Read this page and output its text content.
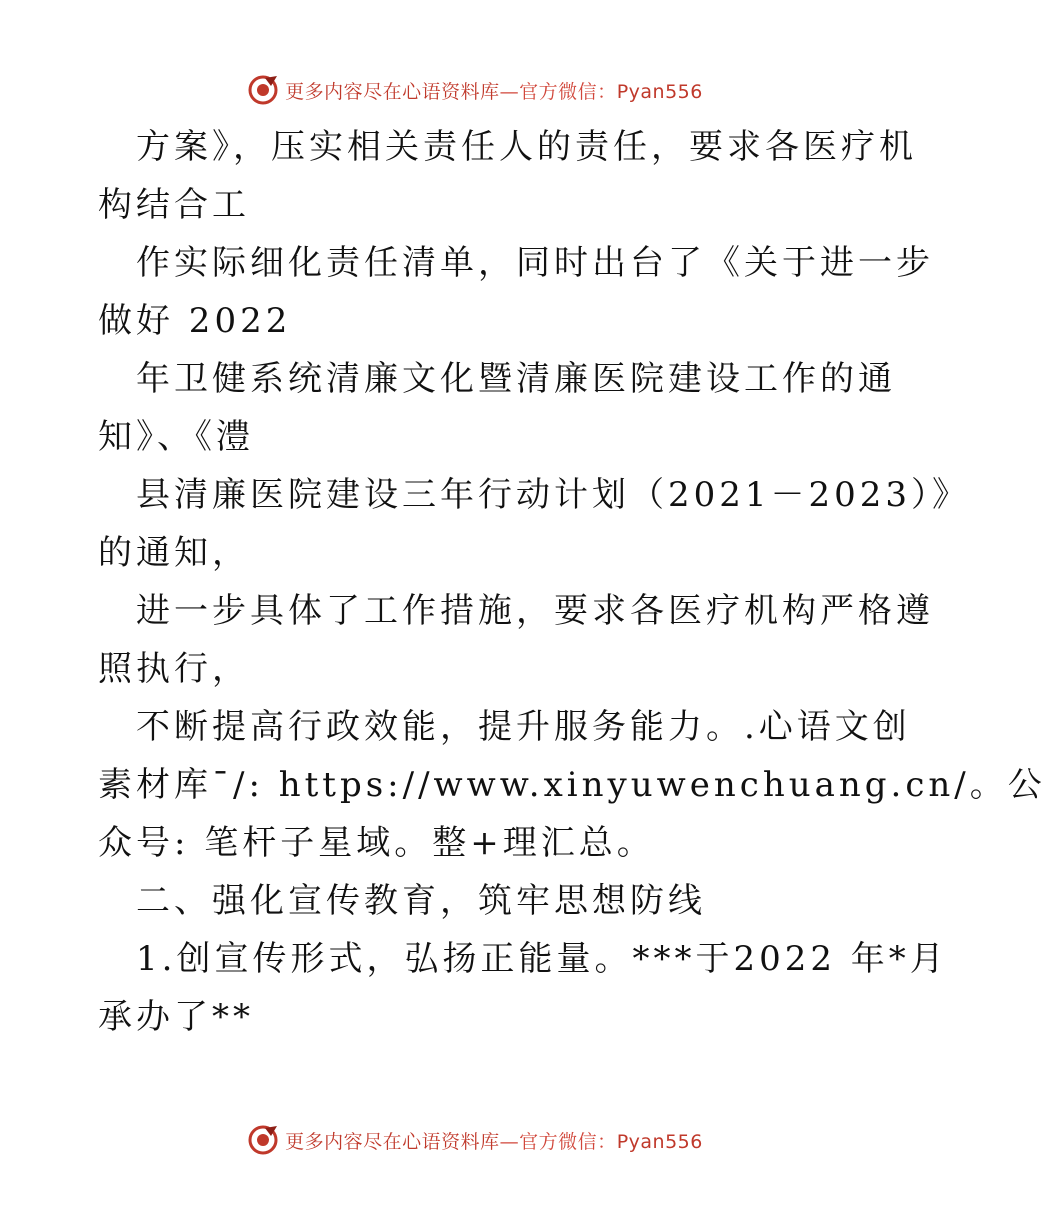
更多内容尽在心语资料库—官方微信：Pyan556
方案》，压实相关责任人的责任，要求各医疗机
构结合工
作实际细化责任清单，同时出台了《关于进一步
做好 2022
年卫健系统清廉文化暨清廉医院建设工作的通
知》、《澧
县清廉医院建设三年行动计划（2021－2023）》
的通知，
进一步具体了工作措施，要求各医疗机构严格遵
照执行，
不断提高行政效能，提升服务能力。.心语文创
素材库¯/: https://www.xinyuwenchuang.cn/。公
众号: 笔杆子星域。整+理汇总。
二、强化宣传教育，筑牢思想防线
1.创宣传形式，弘扬正能量。***于2022 年*月
承办了**
更多内容尽在心语资料库—官方微信：Pyan556
